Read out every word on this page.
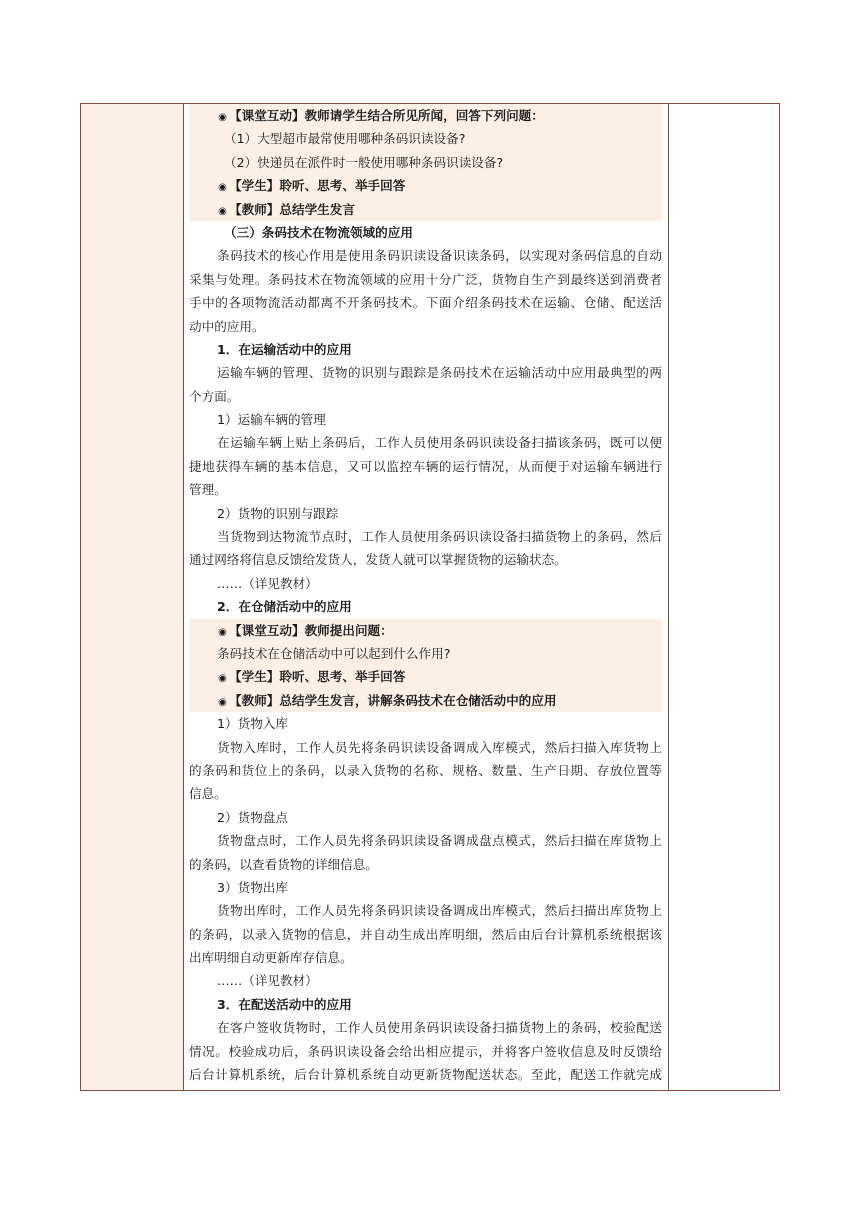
◉ 【课堂互动】教师请学生结合所见所闻，回答下列问题：
（1）大型超市最常使用哪种条码识读设备?
（2）快递员在派件时一般使用哪种条码识读设备?
◉ 【学生】聆听、思考、举手回答
◉ 【教师】总结学生发言
（三）条码技术在物流领域的应用
条码技术的核心作用是使用条码识读设备识读条码，以实现对条码信息的自动
采集与处理。条码技术在物流领域的应用十分广泛，货物自生产到最终送到消费者
手中的各项物流活动都离不开条码技术。下面介绍条码技术在运输、仓储、配送活
动中的应用。
1．在运输活动中的应用
运输车辆的管理、货物的识别与跟踪是条码技术在运输活动中应用最典型的两
个方面。
1）运输车辆的管理
在运输车辆上贴上条码后，工作人员使用条码识读设备扫描该条码，既可以便
捷地获得车辆的基本信息，又可以监控车辆的运行情况，从而便于对运输车辆进行
管理。
2）货物的识别与跟踪
当货物到达物流节点时，工作人员使用条码识读设备扫描货物上的条码，然后
通过网络将信息反馈给发货人，发货人就可以掌握货物的运输状态。
……（详见教材）
2．在仓储活动中的应用
◉ 【课堂互动】教师提出问题：
条码技术在仓储活动中可以起到什么作用?
◉ 【学生】聆听、思考、举手回答
◉ 【教师】总结学生发言，讲解条码技术在仓储活动中的应用
1）货物入库
货物入库时，工作人员先将条码识读设备调成入库模式，然后扫描入库货物上
的条码和货位上的条码，以录入货物的名称、规格、数量、生产日期、存放位置等
信息。
2）货物盘点
货物盘点时，工作人员先将条码识读设备调成盘点模式，然后扫描在库货物上
的条码，以查看货物的详细信息。
3）货物出库
货物出库时，工作人员先将条码识读设备调成出库模式，然后扫描出库货物上
的条码，以录入货物的信息，并自动生成出库明细，然后由后台计算机系统根据该
出库明细自动更新库存信息。
……（详见教材）
3．在配送活动中的应用
在客户签收货物时，工作人员使用条码识读设备扫描货物上的条码，校验配送
情况。校验成功后，条码识读设备会给出相应提示，并将客户签收信息及时反馈给
后台计算机系统，后台计算机系统自动更新货物配送状态。至此，配送工作就完成
